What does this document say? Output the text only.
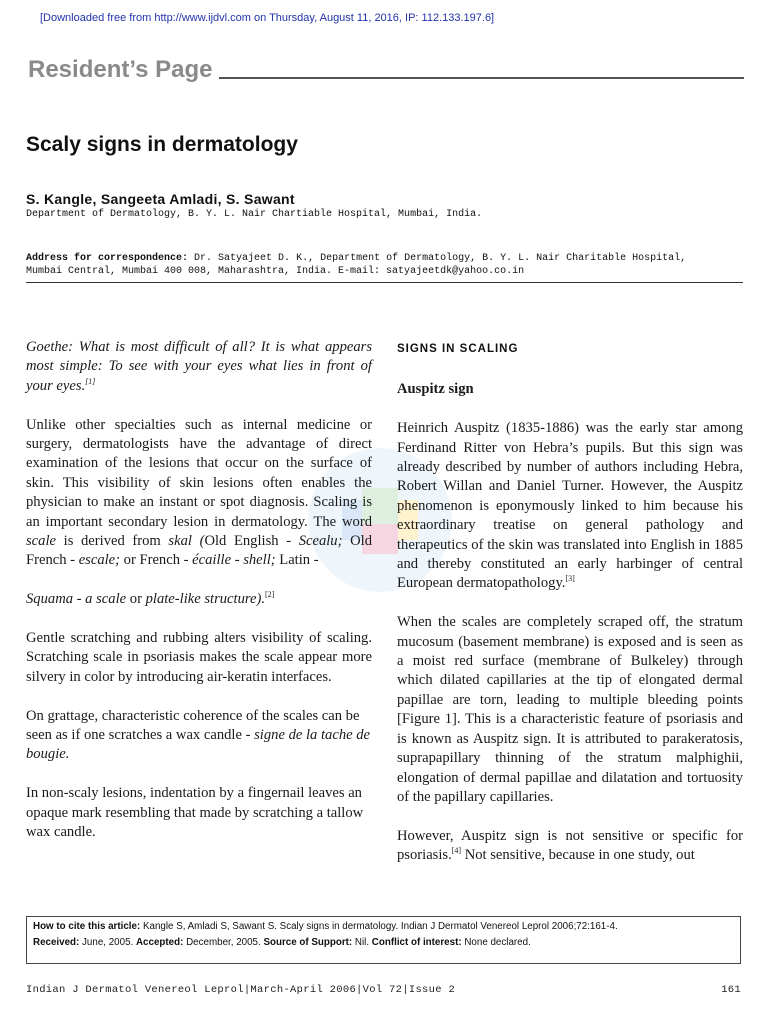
[Downloaded free from http://www.ijdvl.com on Thursday, August 11, 2016, IP: 112.133.197.6]
Resident’s Page
Scaly signs in dermatology
S. Kangle, Sangeeta Amladi, S. Sawant
Department of Dermatology, B. Y. L. Nair Chartiable Hospital, Mumbai, India.
Address for correspondence: Dr. Satyajeet D. K., Department of Dermatology, B. Y. L. Nair Charitable Hospital, Mumbai Central, Mumbai 400 008, Maharashtra, India. E-mail: satyajeetdk@yahoo.co.in

Goethe: What is most difficult of all? It is what appears most simple: To see with your eyes what lies in front of your eyes.[1]

Unlike other specialties such as internal medicine or surgery, dermatologists have the advantage of direct examination of the lesions that occur on the surface of skin. This visibility of skin lesions often enables the physician to make an instant or spot diagnosis. Scaling is an important secondary lesion in dermatology. The word scale is derived from skal (Old English - Scealu; Old French - escale; or French - écaille - shell; Latin -

Squama - a scale or plate-like structure).[2]

Gentle scratching and rubbing alters visibility of scaling. Scratching scale in psoriasis makes the scale appear more silvery in color by introducing air-keratin interfaces.

On grattage, characteristic coherence of the scales can be seen as if one scratches a wax candle - signe de la tache de bougie.

In non-scaly lesions, indentation by a fingernail leaves an opaque mark resembling that made by scratching a tallow wax candle.

SIGNS IN SCALING

Auspitz sign

Heinrich Auspitz (1835-1886) was the early star among Ferdinand Ritter von Hebra’s pupils. But this sign was already described by number of authors including Hebra, Robert Willan and Daniel Turner. However, the Auspitz phenomenon is eponymously linked to him because his extraordinary treatise on general pathology and therapeutics of the skin was translated into English in 1885 and thereby constituted an early harbinger of central European dermatopathology.[3]

When the scales are completely scraped off, the stratum mucosum (basement membrane) is exposed and is seen as a moist red surface (membrane of Bulkeley) through which dilated capillaries at the tip of elongated dermal papillae are torn, leading to multiple bleeding points [Figure 1]. This is a characteristic feature of psoriasis and is known as Auspitz sign. It is attributed to parakeratosis, suprapapillary thinning of the stratum malphighii, elongation of dermal papillae and dilatation and tortuosity of the papillary capillaries.

However, Auspitz sign is not sensitive or specific for psoriasis.[4] Not sensitive, because in one study, out

How to cite this article: Kangle S, Amladi S, Sawant S. Scaly signs in dermatology. Indian J Dermatol Venereol Leprol 2006;72:161-4.
Received: June, 2005. Accepted: December, 2005. Source of Support: Nil. Conflict of interest: None declared.
Indian J Dermatol Venereol Leprol|March-April 2006|Vol 72|Issue 2	161
